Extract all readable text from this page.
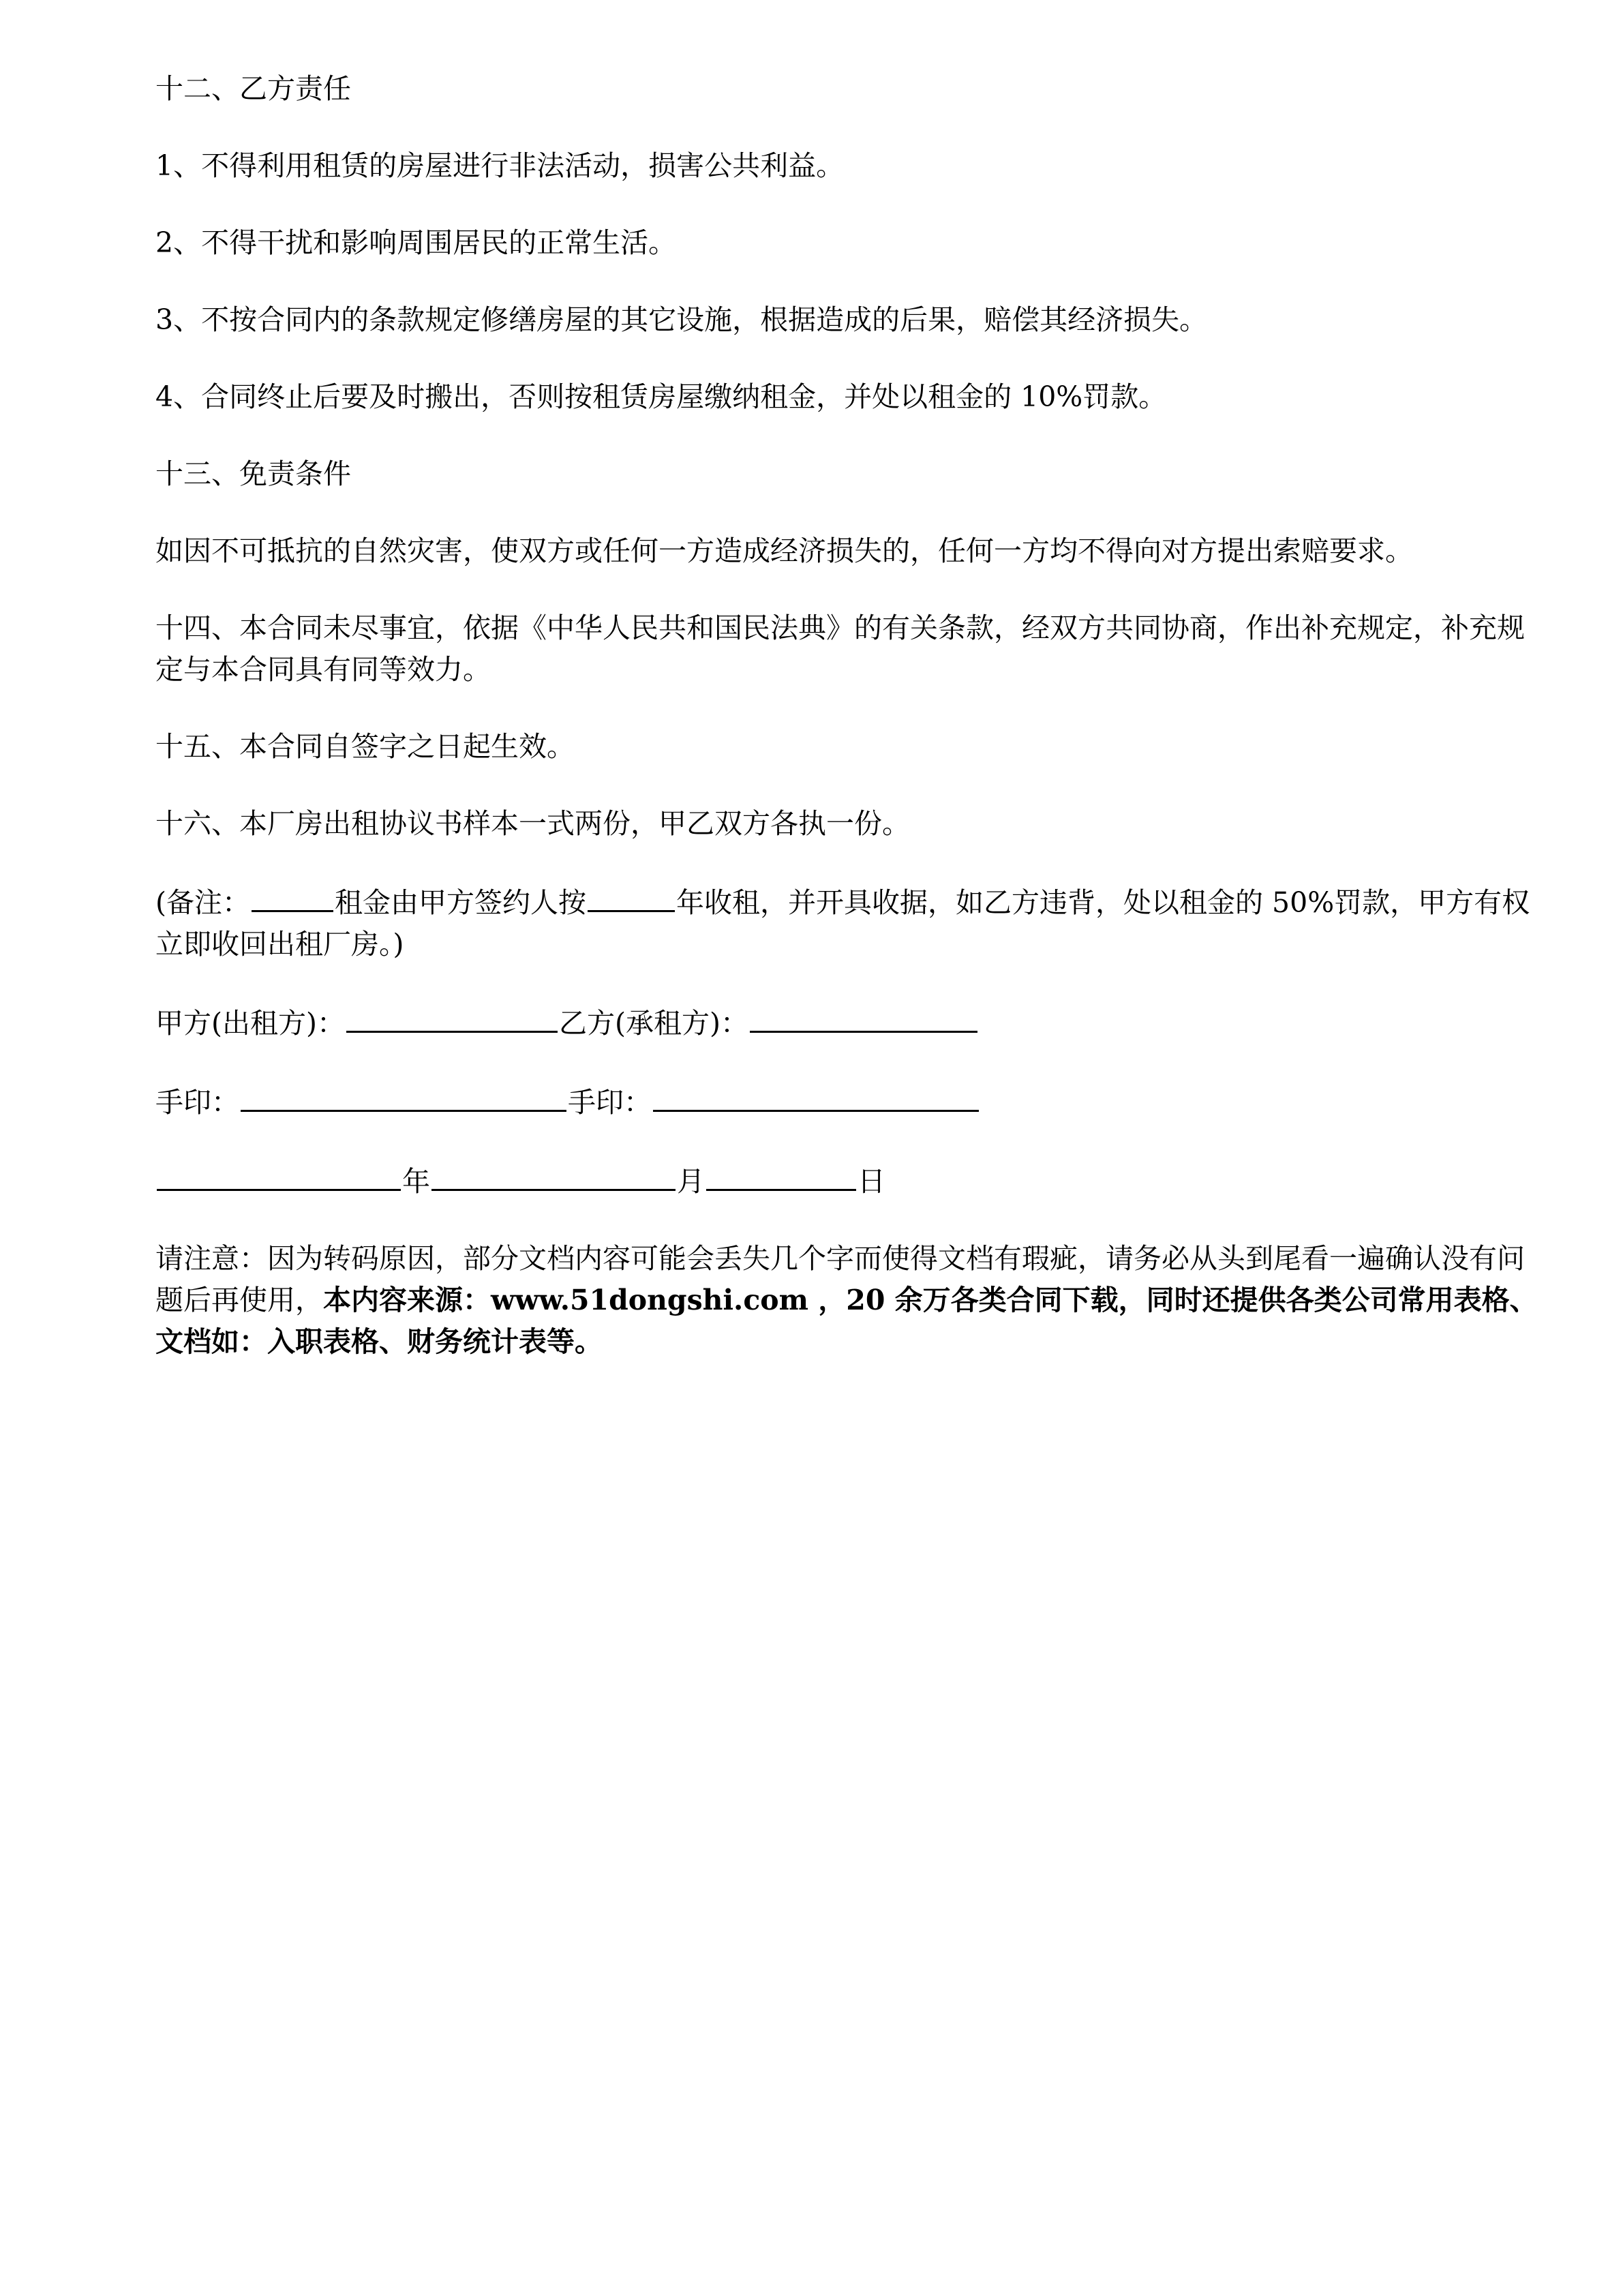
十二、乙方责任

1、不得利用租赁的房屋进行非法活动，损害公共利益。

2、不得干扰和影响周围居民的正常生活。

3、不按合同内的条款规定修缮房屋的其它设施，根据造成的后果，赔偿其经济损失。

4、合同终止后要及时搬出，否则按租赁房屋缴纳租金，并处以租金的 10%罚款。

十三、免责条件

如因不可抵抗的自然灾害，使双方或任何一方造成经济损失的，任何一方均不得向对方提出索赔要求。

十四、本合同未尽事宜，依据《中华人民共和国民法典》的有关条款，经双方共同协商，作出补充规定，补充规定与本合同具有同等效力。

十五、本合同自签字之日起生效。

十六、本厂房出租协议书样本一式两份，甲乙双方各执一份。

(备注：	租金由甲方签约人按	年收租，并开具收据，如乙方违背，处以租金的 50%罚款，甲方有权立即收回出租厂房。)

甲方(出租方)：	乙方(承租方)：

手印：	手印：

年	月	日

请注意：因为转码原因，部分文档内容可能会丢失几个字而使得文档有瑕疵，请务必从头到尾看一遍确认没有问题后再使用，本内容来源：www.51dongshi.com ，20 余万各类合同下载，同时还提供各类公司常用表格、文档如：入职表格、财务统计表等。
